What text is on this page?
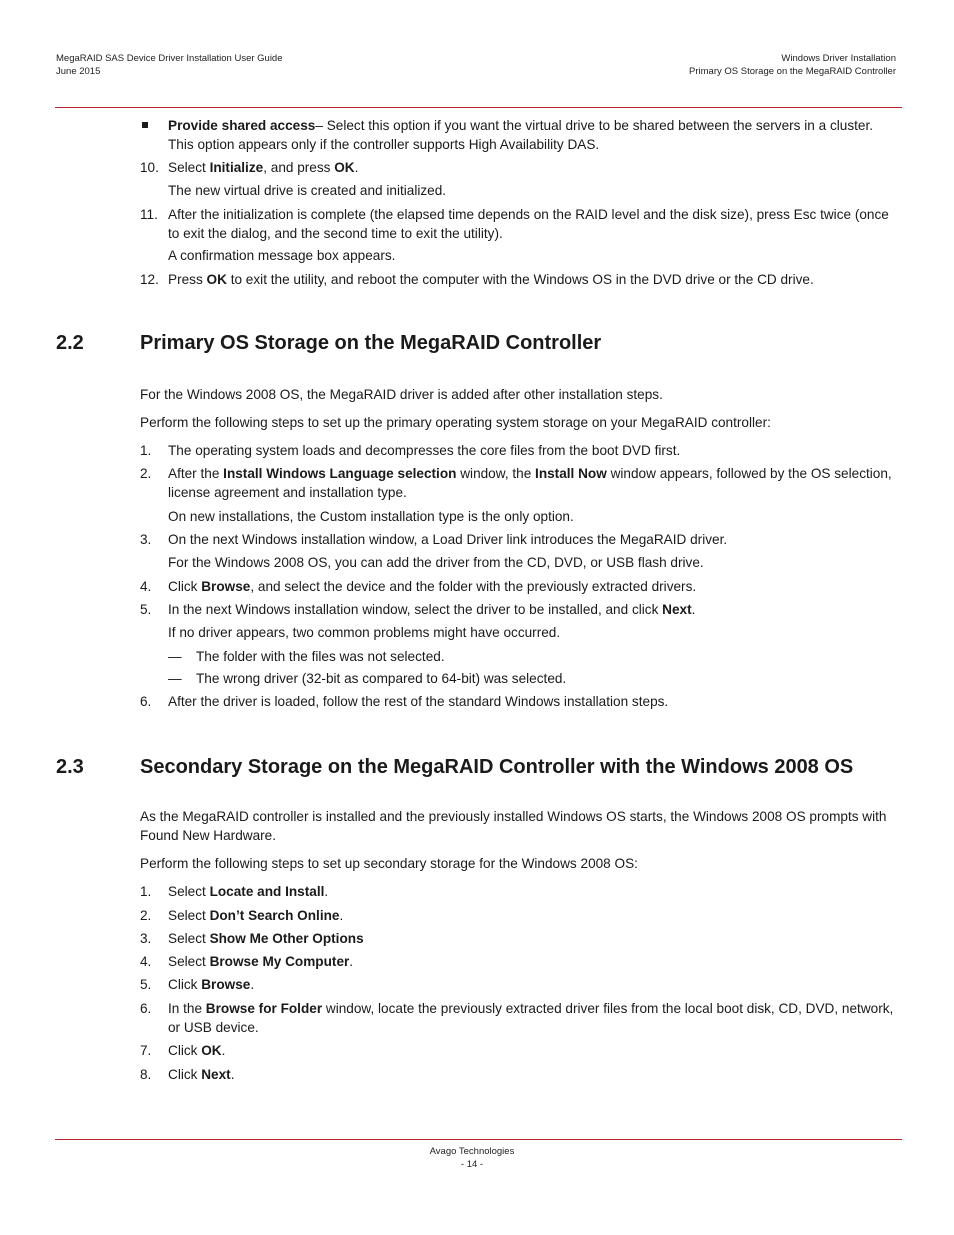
MegaRAID SAS Device Driver Installation User Guide
June 2015
Windows Driver Installation
Primary OS Storage on the MegaRAID Controller
Provide shared access– Select this option if you want the virtual drive to be shared between the servers in a cluster. This option appears only if the controller supports High Availability DAS.
10. Select Initialize, and press OK.
The new virtual drive is created and initialized.
11. After the initialization is complete (the elapsed time depends on the RAID level and the disk size), press Esc twice (once to exit the dialog, and the second time to exit the utility).
A confirmation message box appears.
12. Press OK to exit the utility, and reboot the computer with the Windows OS in the DVD drive or the CD drive.
2.2	Primary OS Storage on the MegaRAID Controller
For the Windows 2008 OS, the MegaRAID driver is added after other installation steps.
Perform the following steps to set up the primary operating system storage on your MegaRAID controller:
1. The operating system loads and decompresses the core files from the boot DVD first.
2. After the Install Windows Language selection window, the Install Now window appears, followed by the OS selection, license agreement and installation type.
On new installations, the Custom installation type is the only option.
3. On the next Windows installation window, a Load Driver link introduces the MegaRAID driver.
For the Windows 2008 OS, you can add the driver from the CD, DVD, or USB flash drive.
4. Click Browse, and select the device and the folder with the previously extracted drivers.
5. In the next Windows installation window, select the driver to be installed, and click Next.
If no driver appears, two common problems might have occurred.
— The folder with the files was not selected.
— The wrong driver (32-bit as compared to 64-bit) was selected.
6. After the driver is loaded, follow the rest of the standard Windows installation steps.
2.3	Secondary Storage on the MegaRAID Controller with the Windows 2008 OS
As the MegaRAID controller is installed and the previously installed Windows OS starts, the Windows 2008 OS prompts with Found New Hardware.
Perform the following steps to set up secondary storage for the Windows 2008 OS:
1. Select Locate and Install.
2. Select Don’t Search Online.
3. Select Show Me Other Options
4. Select Browse My Computer.
5. Click Browse.
6. In the Browse for Folder window, locate the previously extracted driver files from the local boot disk, CD, DVD, network, or USB device.
7. Click OK.
8. Click Next.
Avago Technologies
- 14 -
